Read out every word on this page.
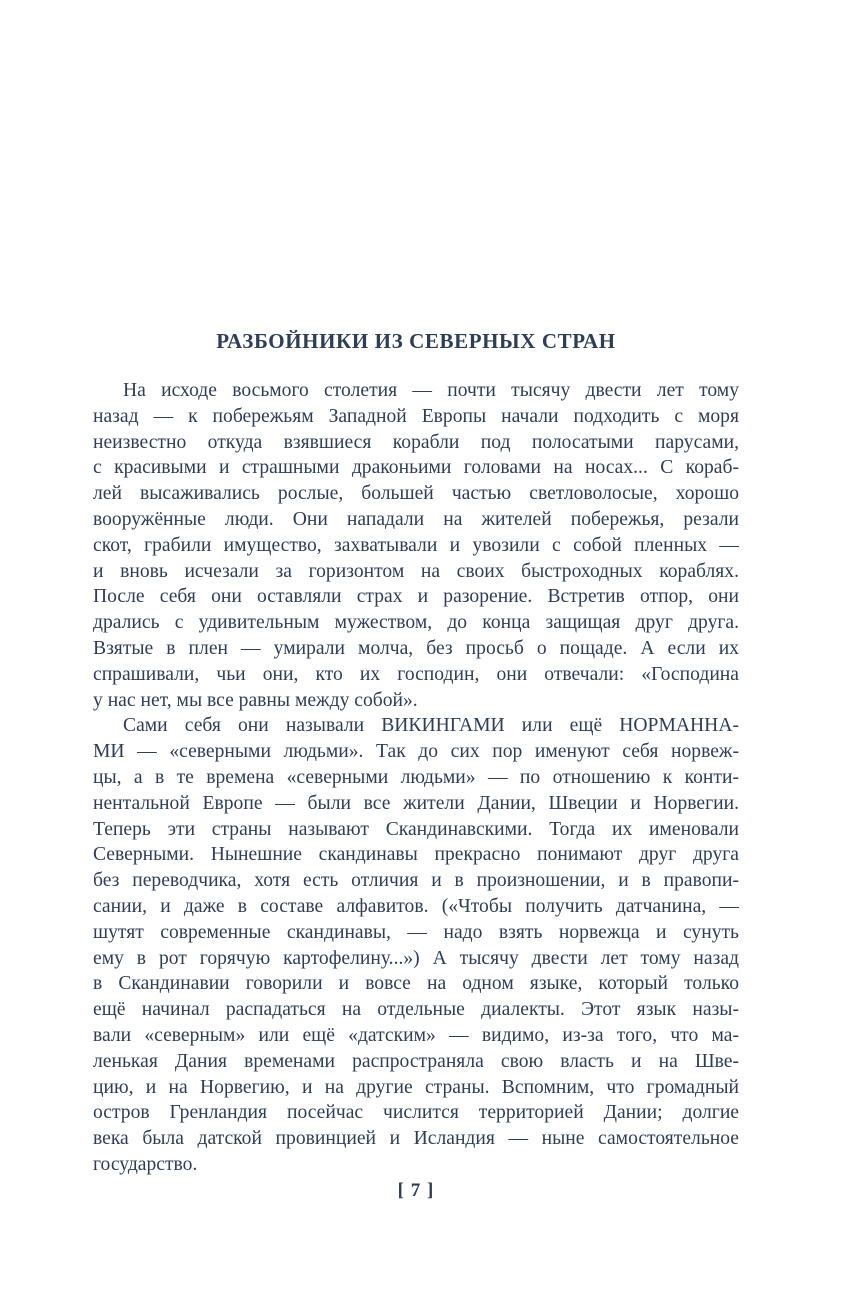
РАЗБОЙНИКИ ИЗ СЕВЕРНЫХ СТРАН

На исходе восьмого столетия — почти тысячу двести лет тому
назад — к побережьям Западной Европы начали подходить с моря
неизвестно откуда взявшиеся корабли под полосатыми парусами,
с красивыми и страшными драконьими головами на носах... С кораб-
лей высаживались рослые, большей частью светловолосые, хорошо
вооружённые люди. Они нападали на жителей побережья, резали
скот, грабили имущество, захватывали и увозили с собой пленных —
и вновь исчезали за горизонтом на своих быстроходных кораблях.
После себя они оставляли страх и разорение. Встретив отпор, они
дрались с удивительным мужеством, до конца защищая друг друга.
Взятые в плен — умирали молча, без просьб о пощаде. А если их
спрашивали, чьи они, кто их господин, они отвечали: «Господина
у нас нет, мы все равны между собой».

Сами себя они называли ВИКИНГАМИ или ещё НОРМАННА-
МИ — «северными людьми». Так до сих пор именуют себя норвеж-
цы, а в те времена «северными людьми» — по отношению к конти-
нентальной Европе — были все жители Дании, Швеции и Норвегии.
Теперь эти страны называют Скандинавскими. Тогда их именовали
Северными. Нынешние скандинавы прекрасно понимают друг друга
без переводчика, хотя есть отличия и в произношении, и в правопи-
сании, и даже в составе алфавитов. («Чтобы получить датчанина, —
шутят современные скандинавы, — надо взять норвежца и сунуть
ему в рот горячую картофелину...») А тысячу двести лет тому назад
в Скандинавии говорили и вовсе на одном языке, который только
ещё начинал распадаться на отдельные диалекты. Этот язык назы-
вали «северным» или ещё «датским» — видимо, из-за того, что ма-
ленькая Дания временами распространяла свою власть и на Шве-
цию, и на Норвегию, и на другие страны. Вспомним, что громадный
остров Гренландия посейчас числится территорией Дании; долгие
века была датской провинцией и Исландия — ныне самостоятельное
государство.

[ 7 ]
